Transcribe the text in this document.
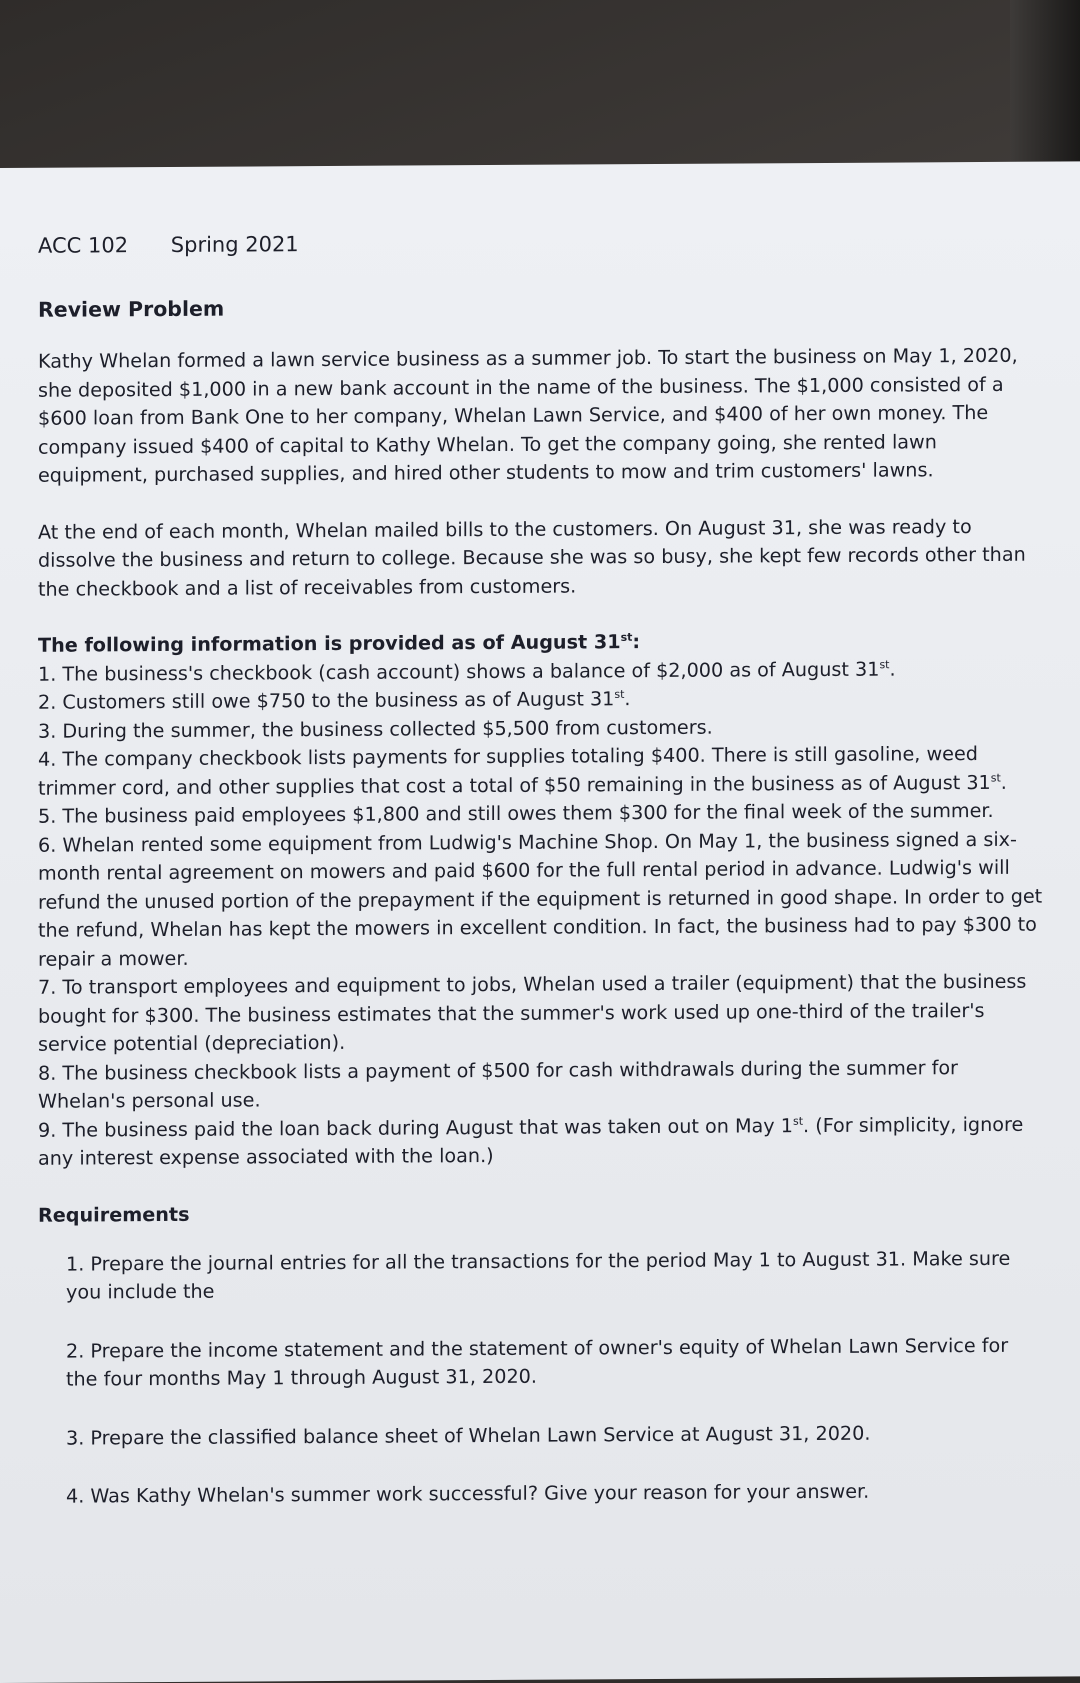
ACC 102 Spring 2021
Review Problem

Kathy Whelan formed a lawn service business as a summer job. To start the business on May 1, 2020, she deposited $1,000 in a new bank account in the name of the business. The $1,000 consisted of a $600 loan from Bank One to her company, Whelan Lawn Service, and $400 of her own money. The company issued $400 of capital to Kathy Whelan. To get the company going, she rented lawn equipment, purchased supplies, and hired other students to mow and trim customers' lawns.

At the end of each month, Whelan mailed bills to the customers. On August 31, she was ready to dissolve the business and return to college. Because she was so busy, she kept few records other than the checkbook and a list of receivables from customers.

The following information is provided as of August 31st:

1. The business's checkbook (cash account) shows a balance of $2,000 as of August 31st.

2. Customers still owe $750 to the business as of August 31st.

3. During the summer, the business collected $5,500 from customers.

4. The company checkbook lists payments for supplies totaling $400. There is still gasoline, weed trimmer cord, and other supplies that cost a total of $50 remaining in the business as of August 31st.

5. The business paid employees $1,800 and still owes them $300 for the final week of the summer.

6. Whelan rented some equipment from Ludwig's Machine Shop. On May 1, the business signed a six-month rental agreement on mowers and paid $600 for the full rental period in advance. Ludwig's will refund the unused portion of the prepayment if the equipment is returned in good shape. In order to get the refund, Whelan has kept the mowers in excellent condition. In fact, the business had to pay $300 to repair a mower.

7. To transport employees and equipment to jobs, Whelan used a trailer (equipment) that the business bought for $300. The business estimates that the summer's work used up one-third of the trailer's service potential (depreciation).

8. The business checkbook lists a payment of $500 for cash withdrawals during the summer for Whelan's personal use.

9. The business paid the loan back during August that was taken out on May 1st. (For simplicity, ignore any interest expense associated with the loan.)

Requirements

1. Prepare the journal entries for all the transactions for the period May 1 to August 31. Make sure you include the

2. Prepare the income statement and the statement of owner's equity of Whelan Lawn Service for the four months May 1 through August 31, 2020.

3. Prepare the classified balance sheet of Whelan Lawn Service at August 31, 2020.

4. Was Kathy Whelan's summer work successful? Give your reason for your answer.
